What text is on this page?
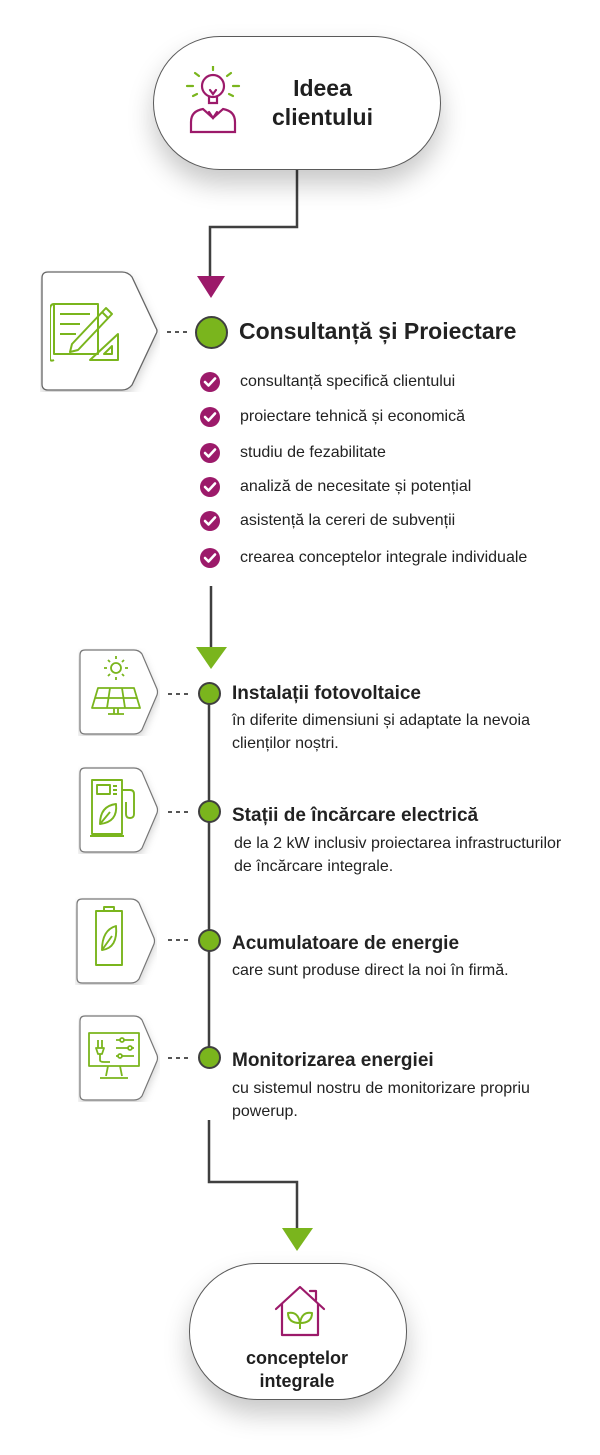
Ideea clientului
Consultanță și Proiectare
consultanță specifică clientului
proiectare tehnică și economică
studiu de fezabilitate
analiză de necesitate și potențial
asistență la cereri de subvenții
crearea conceptelor integrale individuale
Instalații fotovoltaice
în diferite dimensiuni și adaptate la nevoia clienților noștri.
Stații de încărcare electrică
de la 2 kW inclusiv proiectarea infrastructurilor de încărcare integrale.
Acumulatoare de energie
care sunt produse direct la noi în firmă.
Monitorizarea energiei
cu sistemul nostru de monitorizare propriu powerup.
conceptelor integrale
